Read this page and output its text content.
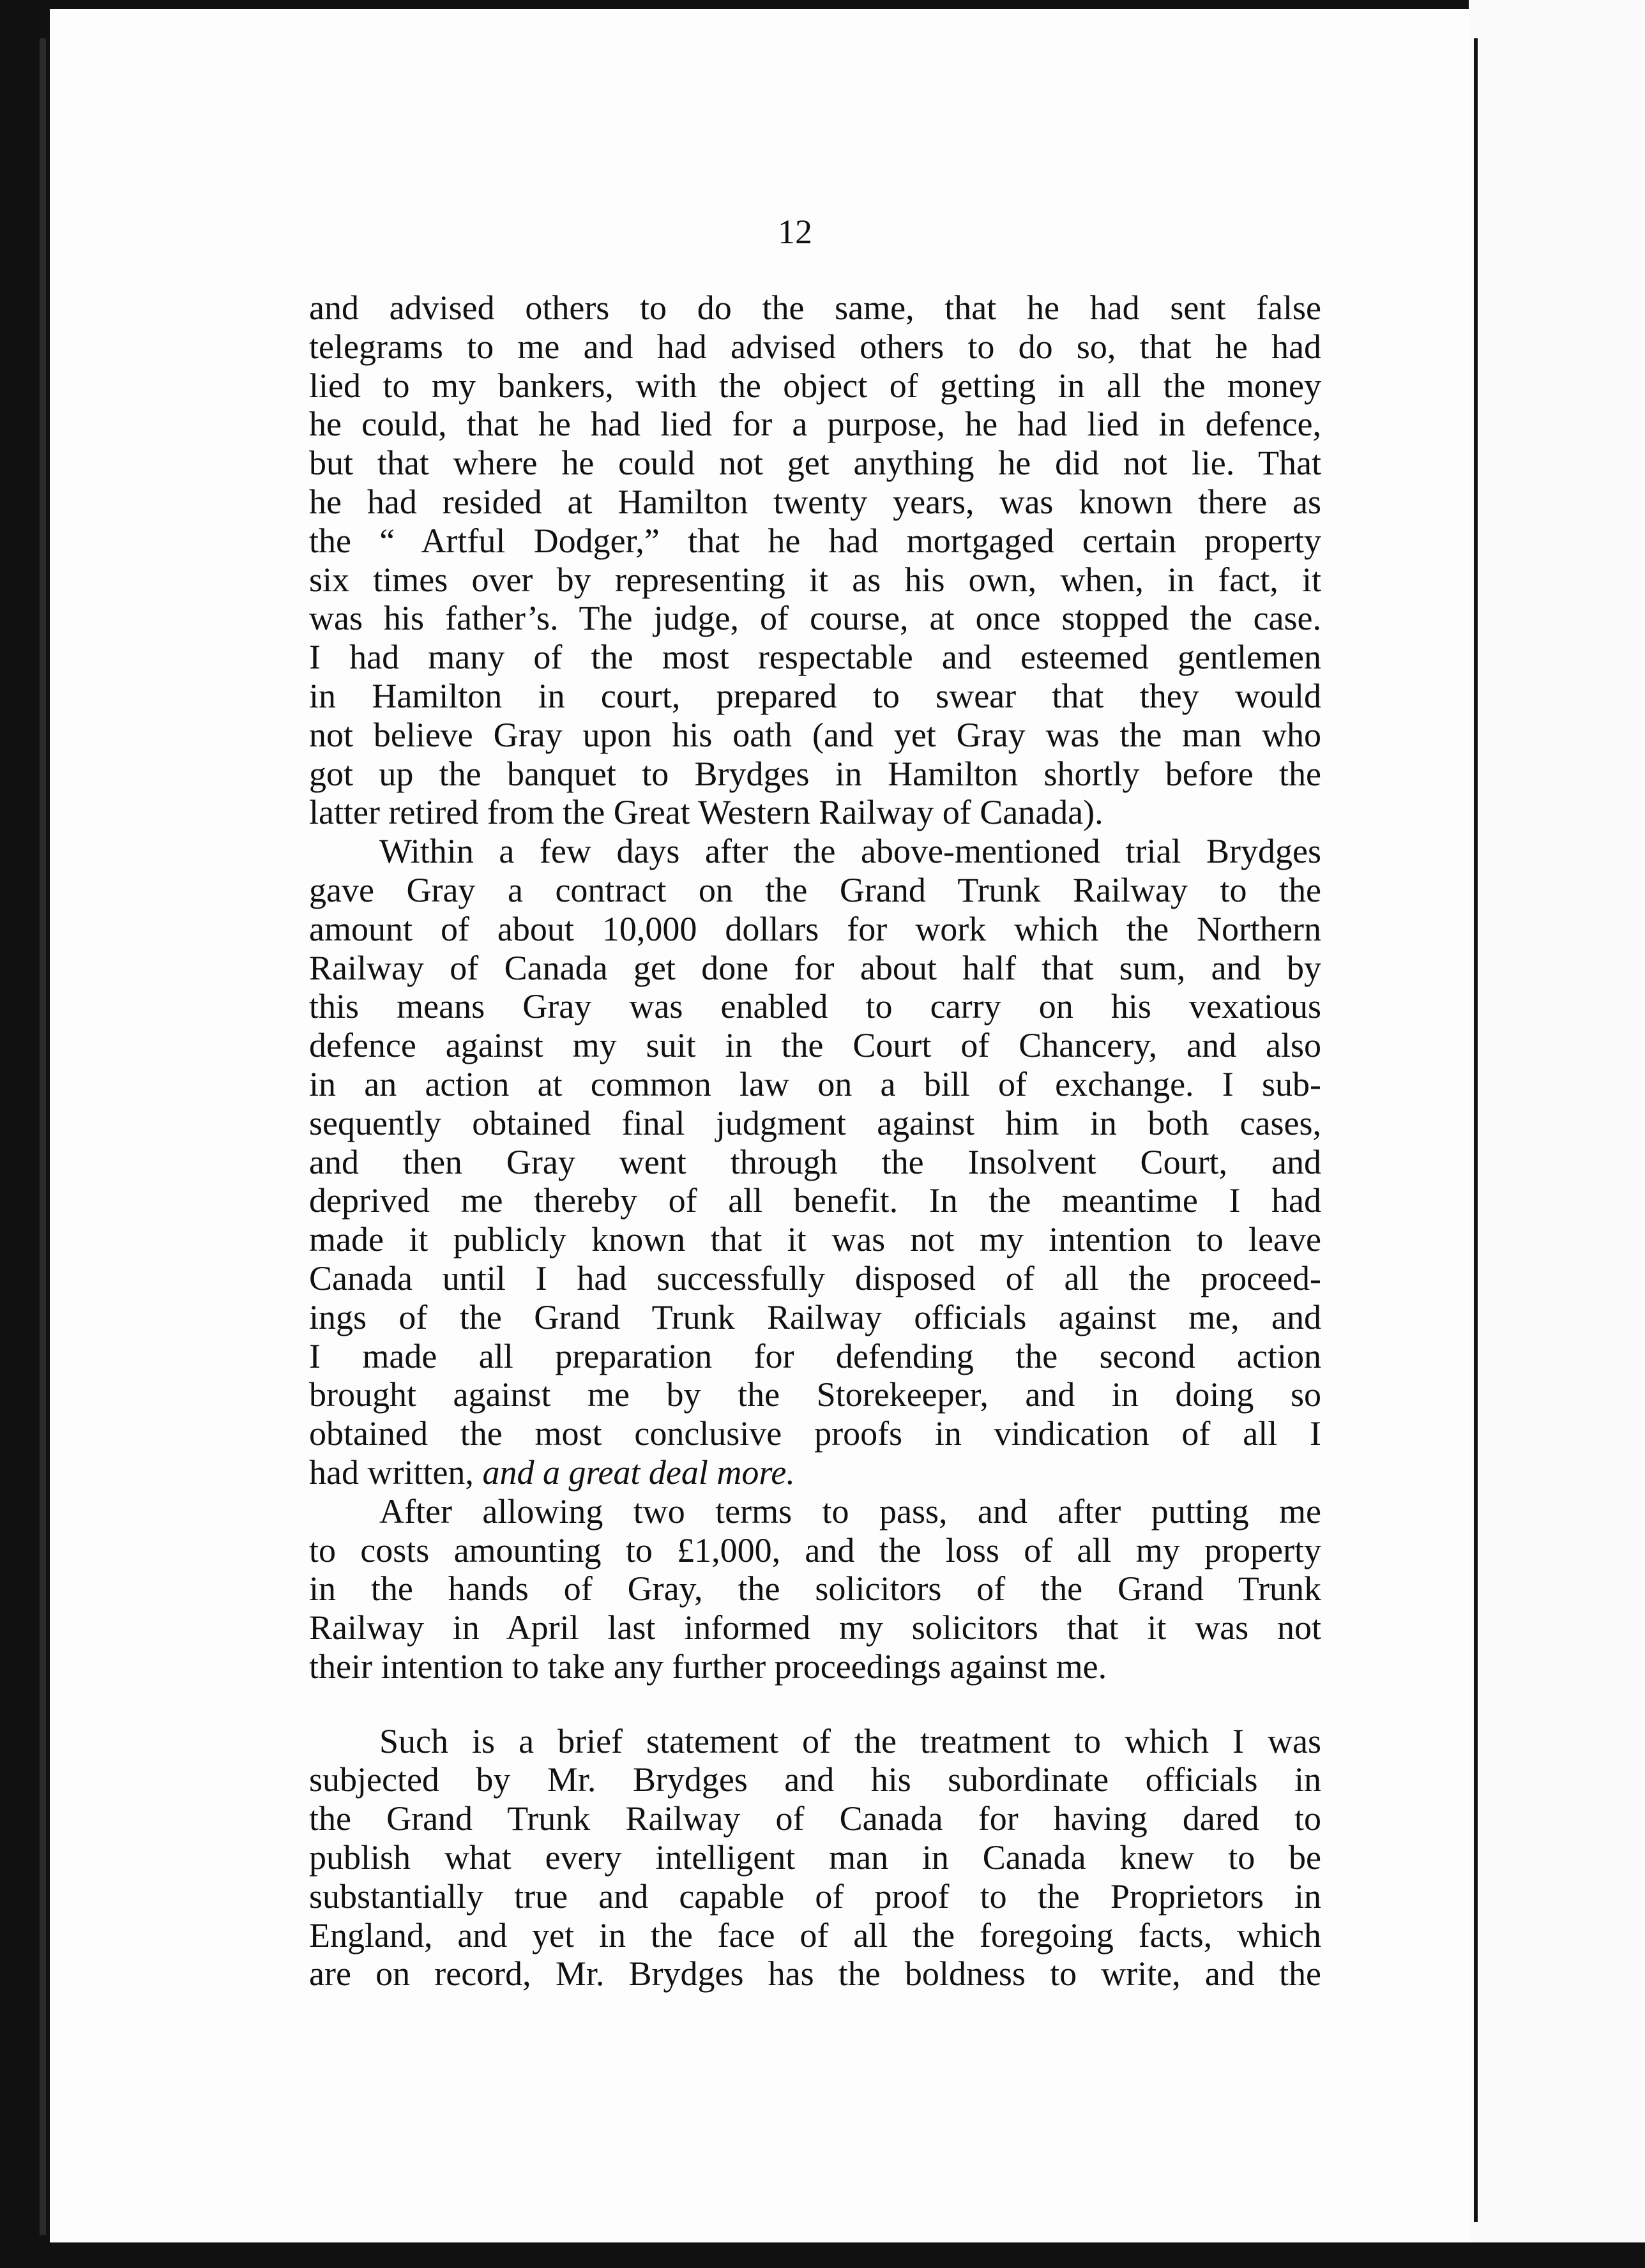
12

and advised others to do the same, that he had sent false
telegrams to me and had advised others to do so, that he had
lied to my bankers, with the object of getting in all the money
he could, that he had lied for a purpose, he had lied in defence,
but that where he could not get anything he did not lie. That
he had resided at Hamilton twenty years, was known there as
the “ Artful Dodger,” that he had mortgaged certain property
six times over by representing it as his own, when, in fact, it
was his father’s. The judge, of course, at once stopped the case.
I had many of the most respectable and esteemed gentlemen
in Hamilton in court, prepared to swear that they would
not believe Gray upon his oath (and yet Gray was the man who
got up the banquet to Brydges in Hamilton shortly before the
latter retired from the Great Western Railway of Canada).
Within a few days after the above-mentioned trial Brydges
gave Gray a contract on the Grand Trunk Railway to the
amount of about 10,000 dollars for work which the Northern
Railway of Canada get done for about half that sum, and by
this means Gray was enabled to carry on his vexatious
defence against my suit in the Court of Chancery, and also
in an action at common law on a bill of exchange. I sub-
sequently obtained final judgment against him in both cases,
and then Gray went through the Insolvent Court, and
deprived me thereby of all benefit. In the meantime I had
made it publicly known that it was not my intention to leave
Canada until I had successfully disposed of all the proceed-
ings of the Grand Trunk Railway officials against me, and
I made all preparation for defending the second action
brought against me by the Storekeeper, and in doing so
obtained the most conclusive proofs in vindication of all I
had written, and a great deal more.
After allowing two terms to pass, and after putting me
to costs amounting to £1,000, and the loss of all my property
in the hands of Gray, the solicitors of the Grand Trunk
Railway in April last informed my solicitors that it was not
their intention to take any further proceedings against me.
Such is a brief statement of the treatment to which I was
subjected by Mr. Brydges and his subordinate officials in
the Grand Trunk Railway of Canada for having dared to
publish what every intelligent man in Canada knew to be
substantially true and capable of proof to the Proprietors in
England, and yet in the face of all the foregoing facts, which
are on record, Mr. Brydges has the boldness to write, and the
